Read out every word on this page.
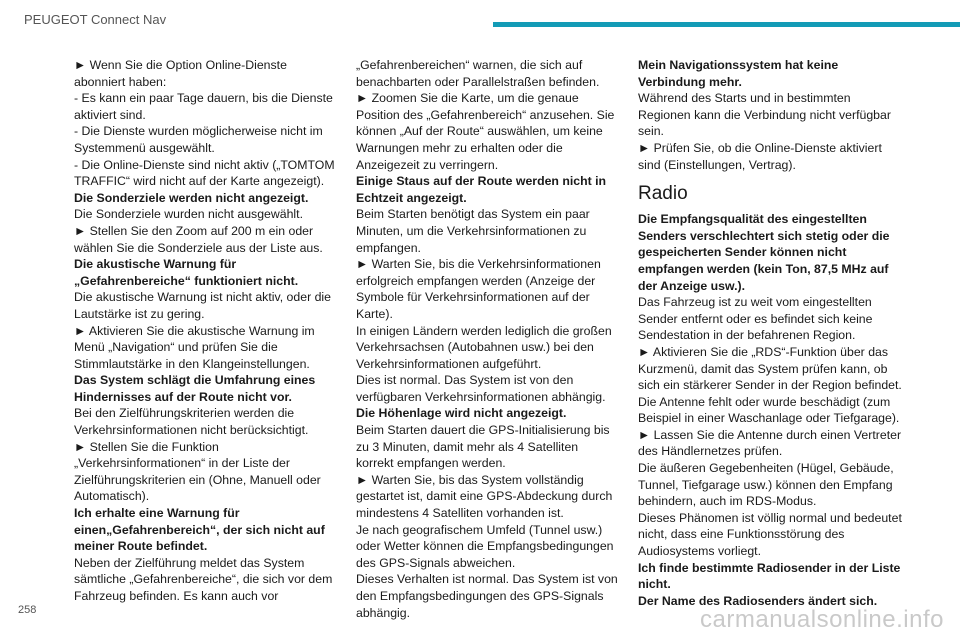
PEUGEOT Connect Nav

► Wenn Sie die Option Online-Dienste abonniert haben:

- Es kann ein paar Tage dauern, bis die Dienste aktiviert sind.

- Die Dienste wurden möglicherweise nicht im Systemmenü ausgewählt.

- Die Online-Dienste sind nicht aktiv („TOMTOM TRAFFIC“ wird nicht auf der Karte angezeigt).

Die Sonderziele werden nicht angezeigt.

Die Sonderziele wurden nicht ausgewählt.

► Stellen Sie den Zoom auf 200 m ein oder wählen Sie die Sonderziele aus der Liste aus.

Die akustische Warnung für „Gefahrenbereiche“ funktioniert nicht.

Die akustische Warnung ist nicht aktiv, oder die Lautstärke ist zu gering.

► Aktivieren Sie die akustische Warnung im Menü „Navigation“ und prüfen Sie die Stimmlautstärke in den Klangeinstellungen.

Das System schlägt die Umfahrung eines Hindernisses auf der Route nicht vor.

Bei den Zielführungskriterien werden die Verkehrsinformationen nicht berücksichtigt.

► Stellen Sie die Funktion „Verkehrsinformationen“ in der Liste der Zielführungskriterien ein (Ohne, Manuell oder Automatisch).

Ich erhalte eine Warnung für einen„Gefahrenbereich“, der sich nicht auf meiner Route befindet.

Neben der Zielführung meldet das System sämtliche „Gefahrenbereiche“, die sich vor dem Fahrzeug befinden. Es kann auch vor

„Gefahrenbereichen“ warnen, die sich auf benachbarten oder Parallelstraßen befinden.

► Zoomen Sie die Karte, um die genaue Position des „Gefahrenbereich“ anzusehen. Sie können „Auf der Route“ auswählen, um keine Warnungen mehr zu erhalten oder die Anzeigezeit zu verringern.

Einige Staus auf der Route werden nicht in Echtzeit angezeigt.

Beim Starten benötigt das System ein paar Minuten, um die Verkehrsinformationen zu empfangen.

► Warten Sie, bis die Verkehrsinformationen erfolgreich empfangen werden (Anzeige der Symbole für Verkehrsinformationen auf der Karte).

In einigen Ländern werden lediglich die großen Verkehrsachsen (Autobahnen usw.) bei den Verkehrsinformationen aufgeführt.

Dies ist normal. Das System ist von den verfügbaren Verkehrsinformationen abhängig.

Die Höhenlage wird nicht angezeigt.

Beim Starten dauert die GPS-Initialisierung bis zu 3 Minuten, damit mehr als 4 Satelliten korrekt empfangen werden.

► Warten Sie, bis das System vollständig gestartet ist, damit eine GPS-Abdeckung durch mindestens 4 Satelliten vorhanden ist.

Je nach geografischem Umfeld (Tunnel usw.) oder Wetter können die Empfangsbedingungen des GPS-Signals abweichen.

Dieses Verhalten ist normal. Das System ist von den Empfangsbedingungen des GPS-Signals abhängig.

Mein Navigationssystem hat keine Verbindung mehr.

Während des Starts und in bestimmten Regionen kann die Verbindung nicht verfügbar sein.

► Prüfen Sie, ob die Online-Dienste aktiviert sind (Einstellungen, Vertrag).

Radio

Die Empfangsqualität des eingestellten Senders verschlechtert sich stetig oder die gespeicherten Sender können nicht empfangen werden (kein Ton, 87,5 MHz auf der Anzeige usw.).

Das Fahrzeug ist zu weit vom eingestellten Sender entfernt oder es befindet sich keine Sendestation in der befahrenen Region.

► Aktivieren Sie die „RDS“-Funktion über das Kurzmenü, damit das System prüfen kann, ob sich ein stärkerer Sender in der Region befindet.

Die Antenne fehlt oder wurde beschädigt (zum Beispiel in einer Waschanlage oder Tiefgarage).

► Lassen Sie die Antenne durch einen Vertreter des Händlernetzes prüfen.

Die äußeren Gegebenheiten (Hügel, Gebäude, Tunnel, Tiefgarage usw.) können den Empfang behindern, auch im RDS-Modus.

Dieses Phänomen ist völlig normal und bedeutet nicht, dass eine Funktionsstörung des Audiosystems vorliegt.

Ich finde bestimmte Radiosender in der Liste nicht.

Der Name des Radiosenders ändert sich.

258	carmanualsonline.info
